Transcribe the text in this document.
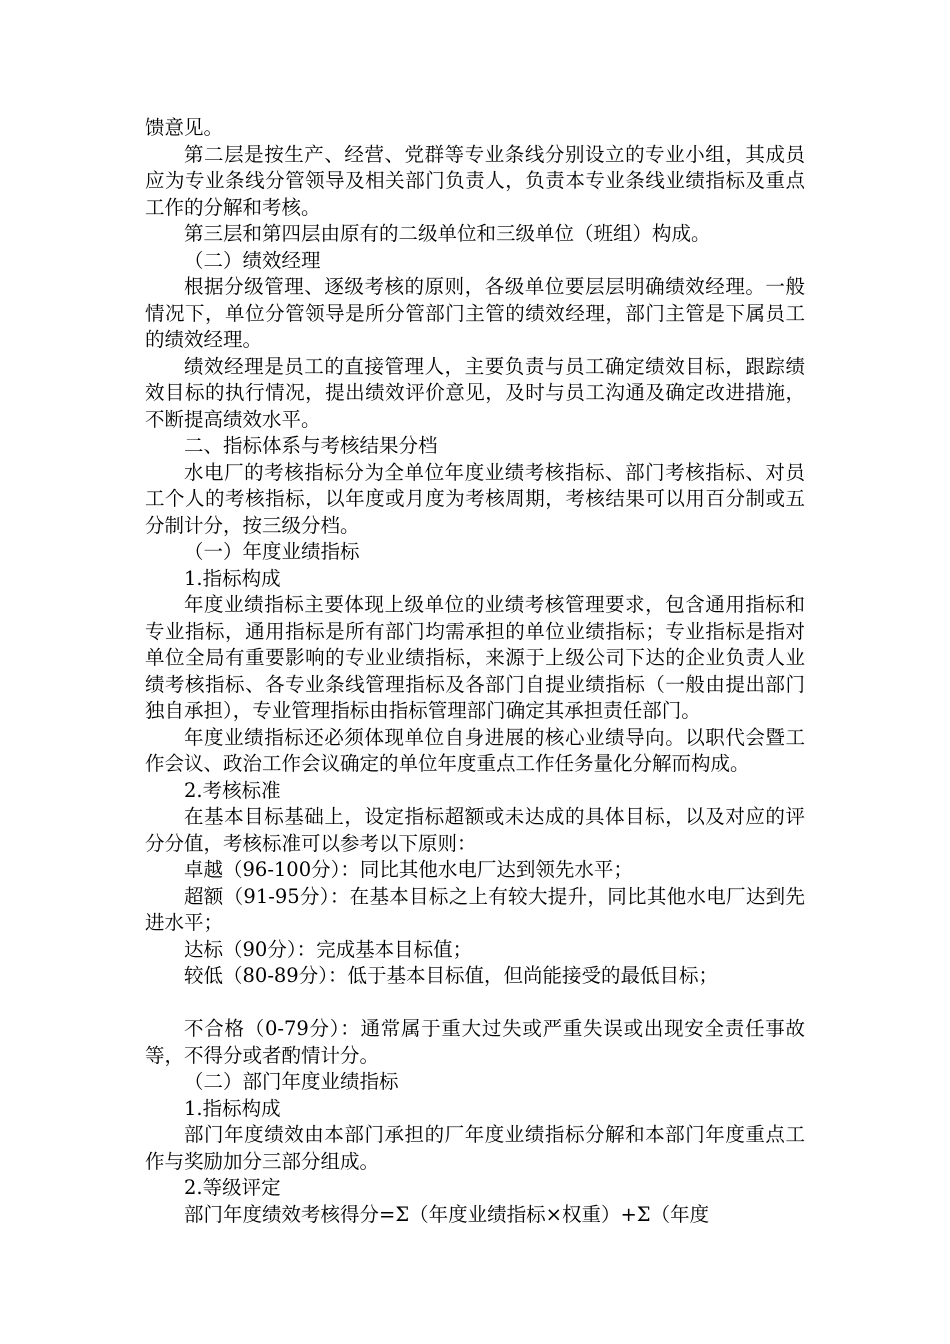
馈意见。

第二层是按生产、经营、党群等专业条线分别设立的专业小组，其成员应为专业条线分管领导及相关部门负责人，负责本专业条线业绩指标及重点工作的分解和考核。

第三层和第四层由原有的二级单位和三级单位（班组）构成。

（二）绩效经理

根据分级管理、逐级考核的原则，各级单位要层层明确绩效经理。一般情况下，单位分管领导是所分管部门主管的绩效经理，部门主管是下属员工的绩效经理。

绩效经理是员工的直接管理人，主要负责与员工确定绩效目标，跟踪绩效目标的执行情况，提出绩效评价意见，及时与员工沟通及确定改进措施，不断提高绩效水平。

二、指标体系与考核结果分档

水电厂的考核指标分为全单位年度业绩考核指标、部门考核指标、对员工个人的考核指标，以年度或月度为考核周期，考核结果可以用百分制或五分制计分，按三级分档。

（一）年度业绩指标

1.指标构成

年度业绩指标主要体现上级单位的业绩考核管理要求，包含通用指标和专业指标，通用指标是所有部门均需承担的单位业绩指标；专业指标是指对单位全局有重要影响的专业业绩指标，来源于上级公司下达的企业负责人业绩考核指标、各专业条线管理指标及各部门自提业绩指标（一般由提出部门独自承担），专业管理指标由指标管理部门确定其承担责任部门。

年度业绩指标还必须体现单位自身进展的核心业绩导向。以职代会暨工作会议、政治工作会议确定的单位年度重点工作任务量化分解而构成。

2.考核标准

在基本目标基础上，设定指标超额或未达成的具体目标，以及对应的评分分值，考核标准可以参考以下原则：

卓越（96-100分）：同比其他水电厂达到领先水平；

超额（91-95分）：在基本目标之上有较大提升，同比其他水电厂达到先进水平；

达标（90分）：完成基本目标值；

较低（80-89分）：低于基本目标值，但尚能接受的最低目标；

不合格（0-79分）：通常属于重大过失或严重失误或出现安全责任事故等，不得分或者酌情计分。

（二）部门年度业绩指标

1.指标构成

部门年度绩效由本部门承担的厂年度业绩指标分解和本部门年度重点工作与奖励加分三部分组成。

2.等级评定

部门年度绩效考核得分=Σ（年度业绩指标×权重）+Σ（年度
